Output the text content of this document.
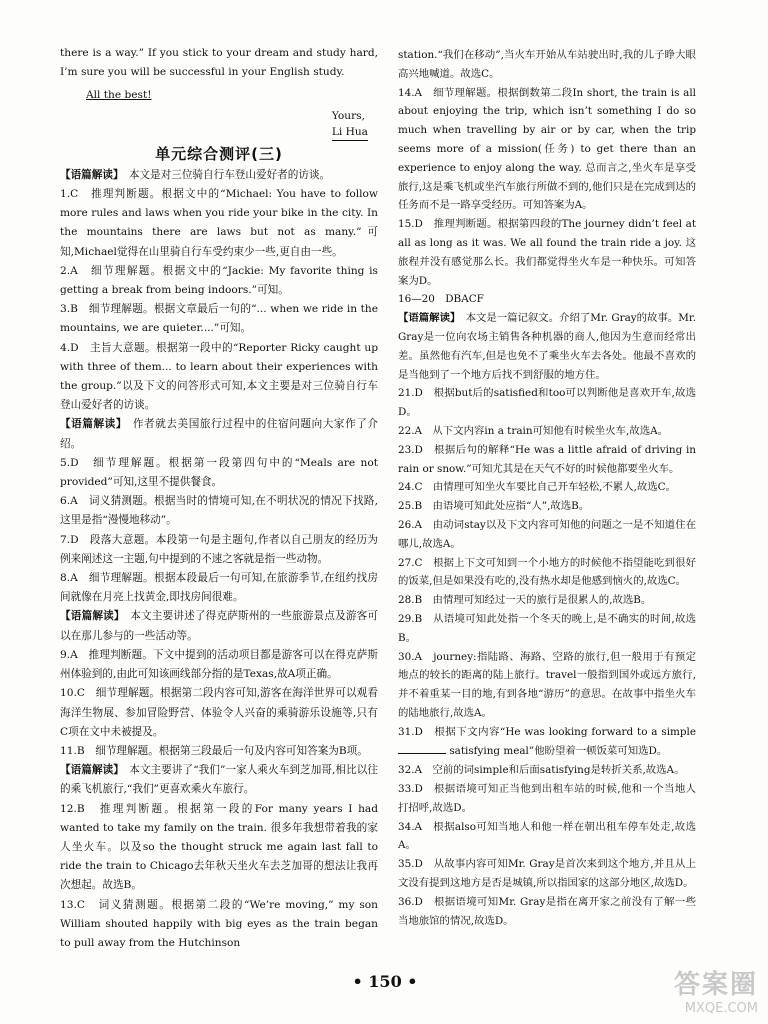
there is a way.” If you stick to your dream and study hard, I’m sure you will be successful in your English study.

All the best!
Yours,
Li Hua
单元综合测评(三)

【语篇解读】　 本文是对三位骑自行车登山爱好者的访谈。

1.C　推理判断题。根据文中的“Michael: You have to follow more rules and laws when you ride your bike in the city. In the mountains there are laws but not as many.”可知,Michael觉得在山里骑自行车受约束少一些,更自由一些。

2.A　细节理解题。根据文中的“Jackie: My favorite thing is getting a break from being indoors.”可知。

3.B　细节理解题。根据文章最后一句的“... when we ride in the mountains, we are quieter....”可知。

4.D　主旨大意题。根据第一段中的“Reporter Ricky caught up with three of them... to learn about their experiences with the group.”以及下文的问答形式可知,本文主要是对三位骑自行车登山爱好者的访谈。

【语篇解读】　 作者就去美国旅行过程中的住宿问题向大家作了介绍。

5.D　细节理解题。根据第一段第四句中的“Meals are not provided”可知,这里不提供餐食。

6.A　词义猜测题。根据当时的情境可知,在不明状况的情况下找路,这里是指“漫慢地移动”。

7.D　段落大意题。本段第一句是主题句,作者以自己朋友的经历为例来阐述这一主题,句中提到的不速之客就是指一些动物。

8.A　细节理解题。根据本段最后一句可知,在旅游季节,在纽约找房间就像在月亮上找黄金,即找房间很难。

【语篇解读】　 本文主要讲述了得克萨斯州的一些旅游景点及游客可以在那儿参与的一些活动等。

9.A　推理判断题。下文中提到的活动项目都是游客可以在得克萨斯州体验到的,由此可知该画线部分指的是Texas,故A项正确。

10.C　细节理解题。根据第二段内容可知,游客在海洋世界可以观看海洋生物展、参加冒险野营、体验令人兴奋的乘骑游乐设施等,只有C项在文中未被提及。

11.B　细节理解题。根据第三段最后一句及内容可知答案为B项。

【语篇解读】　 本文主要讲了“我们”一家人乘火车到芝加哥,相比以往的乘飞机旅行,“我们”更喜欢乘火车旅行。

12.B　推理判断题。根据第一段的For many years I had wanted to take my family on the train. 很多年我想带着我的家人坐火车。以及so the thought struck me again last fall to ride the train to Chicago去年秋天坐火车去芝加哥的想法让我再次想起。故选B。

13.C　词义猜测题。根据第二段的“We’re moving,” my son William shouted happily with big eyes as the train began to pull away from the Hutchinson

station.“我们在移动”,当火车开始从车站驶出时,我的儿子睁大眼高兴地喊道。故选C。

14.A　细节理解题。根据倒数第二段In short, the train is all about enjoying the trip, which isn’t something I do so much when travelling by air or by car, when the trip seems more of a mission(任务) to get there than an experience to enjoy along the way. 总而言之,坐火车是享受旅行,这是乘飞机或坐汽车旅行所做不到的,他们只是在完成到达的任务而不是一路享受经历。可知答案为A。

15.D　推理判断题。根据第四段的The journey didn’t feel at all as long as it was. We all found the train ride a joy. 这旅程并没有感觉那么长。我们都觉得坐火车是一种快乐。可知答案为D。

16—20　DBACF

【语篇解读】　 本文是一篇记叙文。介绍了Mr. Gray的故事。Mr. Gray是一位向农场主销售各种机器的商人,他因为生意而经常出差。虽然他有汽车,但是也免不了乘坐火车去各处。他最不喜欢的是当他到了一个地方后找不到舒服的地方住。

21.D　根据but后的satisfied和too可以判断他是喜欢开车,故选D。

22.A　从下文内容in a train可知他有时候坐火车,故选A。

23.D　根据后句的解释“He was a little afraid of driving in rain or snow.”可知尤其是在天气不好的时候他都要坐火车。

24.C　由情理可知坐火车要比自己开车轻松,不累人,故选C。

25.B　由语境可知此处应指“人”,故选B。

26.A　由动词stay以及下文内容可知他的问题之一是不知道住在哪儿,故选A。

27.C　根据上下文可知到一个小地方的时候他不指望能吃到很好的饭菜,但是如果没有吃的,没有热水却是他感到恼火的,故选C。

28.B　由情理可知经过一天的旅行是很累人的,故选B。

29.B　从语境可知此处指一个冬天的晚上,是不确实的时间,故选B。

30.A　journey:指陆路、海路、空路的旅行,但一般用于有预定地点的较长的距离的陆上旅行。travel一般指到国外或远方旅行,并不着重某一目的地,有到各地“游历”的意思。在故事中指坐火车的陆地旅行,故选A。

31.D　根据下文内容“He was looking forward to a simple  satisfying meal”他盼望着一顿饭菜可知选D。

32.A　空前的词simple和后面satisfying是转折关系,故选A。

33.D　根据语境可知正当他到出租车站的时候,他和一个当地人打招呼,故选D。

34.A　根据also可知当地人和他一样在朝出租车停车处走,故选A。

35.D　从故事内容可知Mr. Gray是首次来到这个地方,并且从上文没有提到这地方是否是城镇,所以指国家的这部分地区,故选D。

36.D　根据语境可知Mr. Gray是指在离开家之前没有了解一些当地旅馆的情况,故选D。

• 150 •	答案圈
MXQE.COM
